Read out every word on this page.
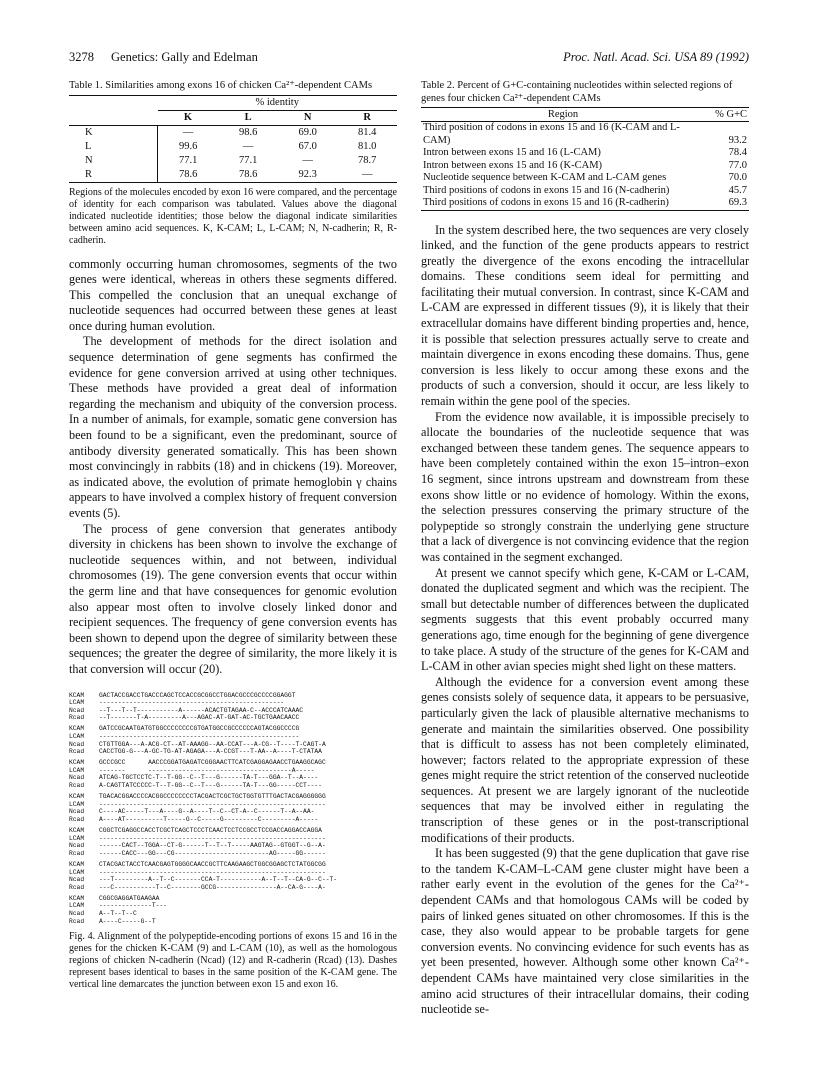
3278 Genetics: Gally and Edelman	Proc. Natl. Acad. Sci. USA 89 (1992)
Table 1. Similarities among exons 16 of chicken Ca²⁺-dependent CAMs
	% identity			
	K	L	N	R
K	—	98.6	69.0	81.4
L	99.6	—	67.0	81.0
N	77.1	77.1	—	78.7
R	78.6	78.6	92.3	—
Regions of the molecules encoded by exon 16 were compared, and the percentage of identity for each comparison was tabulated. Values above the diagonal indicated nucleotide identities; those below the diagonal indicate similarities between amino acid sequences. K, K-CAM; L, L-CAM; N, N-cadherin; R, R-cadherin.

commonly occurring human chromosomes, segments of the two genes were identical, whereas in others these segments differed. This compelled the conclusion that an unequal exchange of nucleotide sequences had occurred between these genes at least once during human evolution.

The development of methods for the direct isolation and sequence determination of gene segments has confirmed the evidence for gene conversion arrived at using other techniques. These methods have provided a great deal of information regarding the mechanism and ubiquity of the conversion process. In a number of animals, for example, somatic gene conversion has been found to be a significant, even the predominant, source of antibody diversity generated somatically. This has been shown most convincingly in rabbits (18) and in chickens (19). Moreover, as indicated above, the evolution of primate hemoglobin γ chains appears to have involved a complex history of frequent conversion events (5).

The process of gene conversion that generates antibody diversity in chickens has been shown to involve the exchange of nucleotide sequences within, and not between, individual chromosomes (19). The gene conversion events that occur within the germ line and that have consequences for genomic evolution also appear most often to involve closely linked donor and recipient sequences. The frequency of gene conversion events has been shown to depend upon the degree of similarity between these sequences; the greater the degree of similarity, the more likely it is that conversion will occur (20).

KCAM GACTACCGACCTGACCCAGCTCCACCGCGGCCTGGACGCCCGCCCCGGAGGT
LCAM -------------------------------------------------
Ncad --T---T--T-----------A------ACACTGTAGAA-C--ACCCATCAAAC
Rcad --T-------T-A---------A---AGAC-AT-GAT-AC-TGCTGAACAACC
KCAM GATCCGCAATGATGTGGCCCCCCCCGTGATGGCCGCCCCCCAGTACGGCCCCG
LCAM -----------------------------------------------------
Ncad CTGTTGGA---A-ACG-CT--AT-AAAGG--AA-CCAT---A-CG--T----T-CAGT-A
Rcad CACCTGG-G---A-GC-TG-AT-AGAGA---A-CCGT---T-AA--A----T-CTATAA
KCAM GCCCGCC      AACCCGGATGAGATCGGGAACTTCATCGAGGAGAACCTGAAGGCAGC
LCAM -------      --------------------------------------A-----
Ncad ATCAG-TGCTCCTC-T--T-GG--C--T---G------TA-T---GGA--T--A----
Rcad A-CAGTTATCCCCC-T--T-GG--C--T---G------TA-T---GG-----CCT----
KCAM TGACACGGACCCCACGGCCCCCCCCTACGACTCGCTGCTGGTGTTTGACTACGAGGGGGG
LCAM ------------------------------------------------------------
Ncad C----AC-----T---A----G--A----T--C--CT-A--C------T--A--AA-
Rcad A----AT----------T-----G--C-----G---------C---------A-----
KCAM CGGCTCGAGGCCACCTCGCTCAGCTCCCTCAACTCCTCCGCCTCCGACCAGGACCAGGA
LCAM ------------------------------------------------------------
Ncad ------CACT--TGGA--CT-G------T--T--T-----AAGTAG--GTGGT--G--A-
Rcad ------CACC---GG---CG-------------------------AG-----GG------
KCAM CTACGACTACCTCAACGAGTGGGGCAACCGCTTCAAGAAGCTGGCGGAGCTCTATGGCGG
LCAM ------------------------------------------------------------
Ncad ---T---------A--T--C-------CCA-T-----------A--T--T--CA-G--C--T-
Rcad ---C-----------T--C--------GCCG----------------A--CA-G----A-
KCAM CGGCGAGGATGAAGAA
LCAM --------------T---
Ncad A--T--T--C
Rcad A----C-----G--T
Fig. 4. Alignment of the polypeptide-encoding portions of exons 15 and 16 in the genes for the chicken K-CAM (9) and L-CAM (10), as well as the homologous regions of chicken N-cadherin (Ncad) (12) and R-cadherin (Rcad) (13). Dashes represent bases identical to bases in the same position of the K-CAM gene. The vertical line demarcates the junction between exon 15 and exon 16.
Table 2. Percent of G+C-containing nucleotides within selected regions of genes four chicken Ca²⁺-dependent CAMs
Region	% G+C
Third position of codons in exons 15 and 16 (K-CAM and L-CAM)	93.2
Intron between exons 15 and 16 (L-CAM)	78.4
Intron between exons 15 and 16 (K-CAM)	77.0
Nucleotide sequence between K-CAM and L-CAM genes	70.0
Third positions of codons in exons 15 and 16 (N-cadherin)	45.7
Third positions of codons in exons 15 and 16 (R-cadherin)	69.3

In the system described here, the two sequences are very closely linked, and the function of the gene products appears to restrict greatly the divergence of the exons encoding the intracellular domains. These conditions seem ideal for permitting and facilitating their mutual conversion. In contrast, since K-CAM and L-CAM are expressed in different tissues (9), it is likely that their extracellular domains have different binding properties and, hence, it is possible that selection pressures actually serve to create and maintain divergence in exons encoding these domains. Thus, gene conversion is less likely to occur among these exons and the products of such a conversion, should it occur, are less likely to remain within the gene pool of the species.

From the evidence now available, it is impossible precisely to allocate the boundaries of the nucleotide sequence that was exchanged between these tandem genes. The sequence appears to have been completely contained within the exon 15–intron–exon 16 segment, since introns upstream and downstream from these exons show little or no evidence of homology. Within the exons, the selection pressures conserving the primary structure of the polypeptide so strongly constrain the underlying gene structure that a lack of divergence is not convincing evidence that the region was contained in the segment exchanged.

At present we cannot specify which gene, K-CAM or L-CAM, donated the duplicated segment and which was the recipient. The small but detectable number of differences between the duplicated segments suggests that this event probably occurred many generations ago, time enough for the beginning of gene divergence to take place. A study of the structure of the genes for K-CAM and L-CAM in other avian species might shed light on these matters.

Although the evidence for a conversion event among these genes consists solely of sequence data, it appears to be persuasive, particularly given the lack of plausible alternative mechanisms to generate and maintain the similarities observed. One possibility that is difficult to assess has not been completely eliminated, however; factors related to the appropriate expression of these genes might require the strict retention of the conserved nucleotide sequences. At present we are largely ignorant of the nucleotide sequences that may be involved either in regulating the transcription of these genes or in the post-transcriptional modifications of their products.

It has been suggested (9) that the gene duplication that gave rise to the tandem K-CAM–L-CAM gene cluster might have been a rather early event in the evolution of the genes for the Ca²⁺-dependent CAMs and that homologous CAMs will be coded by pairs of linked genes situated on other chromosomes. If this is the case, they also would appear to be probable targets for gene conversion events. No convincing evidence for such events has as yet been presented, however. Although some other known Ca²⁺-dependent CAMs have maintained very close similarities in the amino acid structures of their intracellular domains, their coding nucleotide se-
